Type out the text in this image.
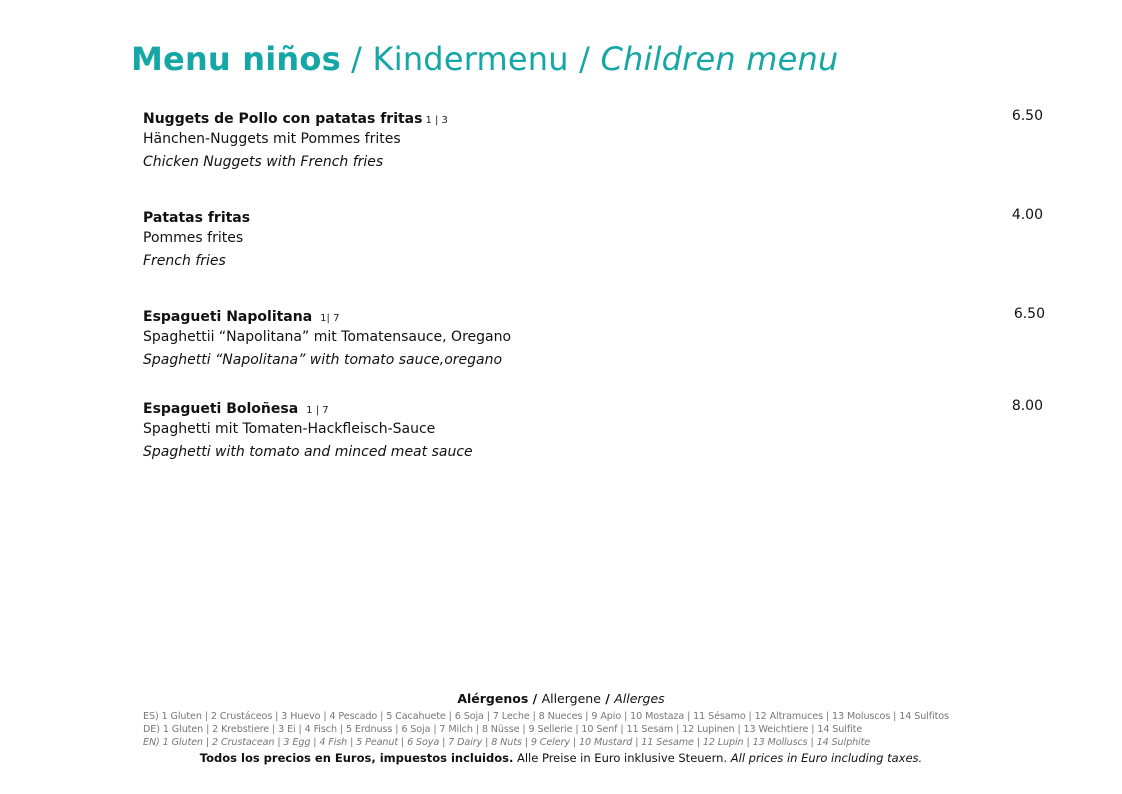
Menu niños / Kindermenu / Children menu
Nuggets de Pollo con patatas fritas 1 | 3	6.50
Hänchen-Nuggets mit Pommes frites
Chicken Nuggets with French fries
Patatas fritas	4.00
Pommes frites
French fries
Espagueti Napolitana 1| 7	6.50
Spaghettii “Napolitana” mit Tomatensauce, Oregano
Spaghetti “Napolitana” with tomato sauce,oregano
Espagueti Boloñesa 1 | 7	8.00
Spaghetti mit Tomaten-Hackfleisch-Sauce
Spaghetti with tomato and minced meat sauce
Alérgenos / Allergene / Allerges
ES) 1 Gluten | 2 Crustáceos | 3 Huevo | 4 Pescado | 5 Cacahuete | 6 Soja | 7 Leche | 8 Nueces | 9 Apio | 10 Mostaza | 11 Sésamo | 12 Altramuces | 13 Moluscos | 14 Sulfitos
DE) 1 Gluten | 2 Krebstiere | 3 Ei | 4 Fisch | 5 Erdnuss | 6 Soja | 7 Milch | 8 Nüsse | 9 Sellerie | 10 Senf | 11 Sesam | 12 Lupinen | 13 Weichtiere | 14 Sulfite
EN) 1 Gluten | 2 Crustacean | 3 Egg | 4 Fish | 5 Peanut | 6 Soya | 7 Dairy | 8 Nuts | 9 Celery | 10 Mustard | 11 Sesame | 12 Lupin | 13 Molluscs | 14 Sulphite
Todos los precios en Euros, impuestos incluidos. Alle Preise in Euro inklusive Steuern. All prices in Euro including taxes.
